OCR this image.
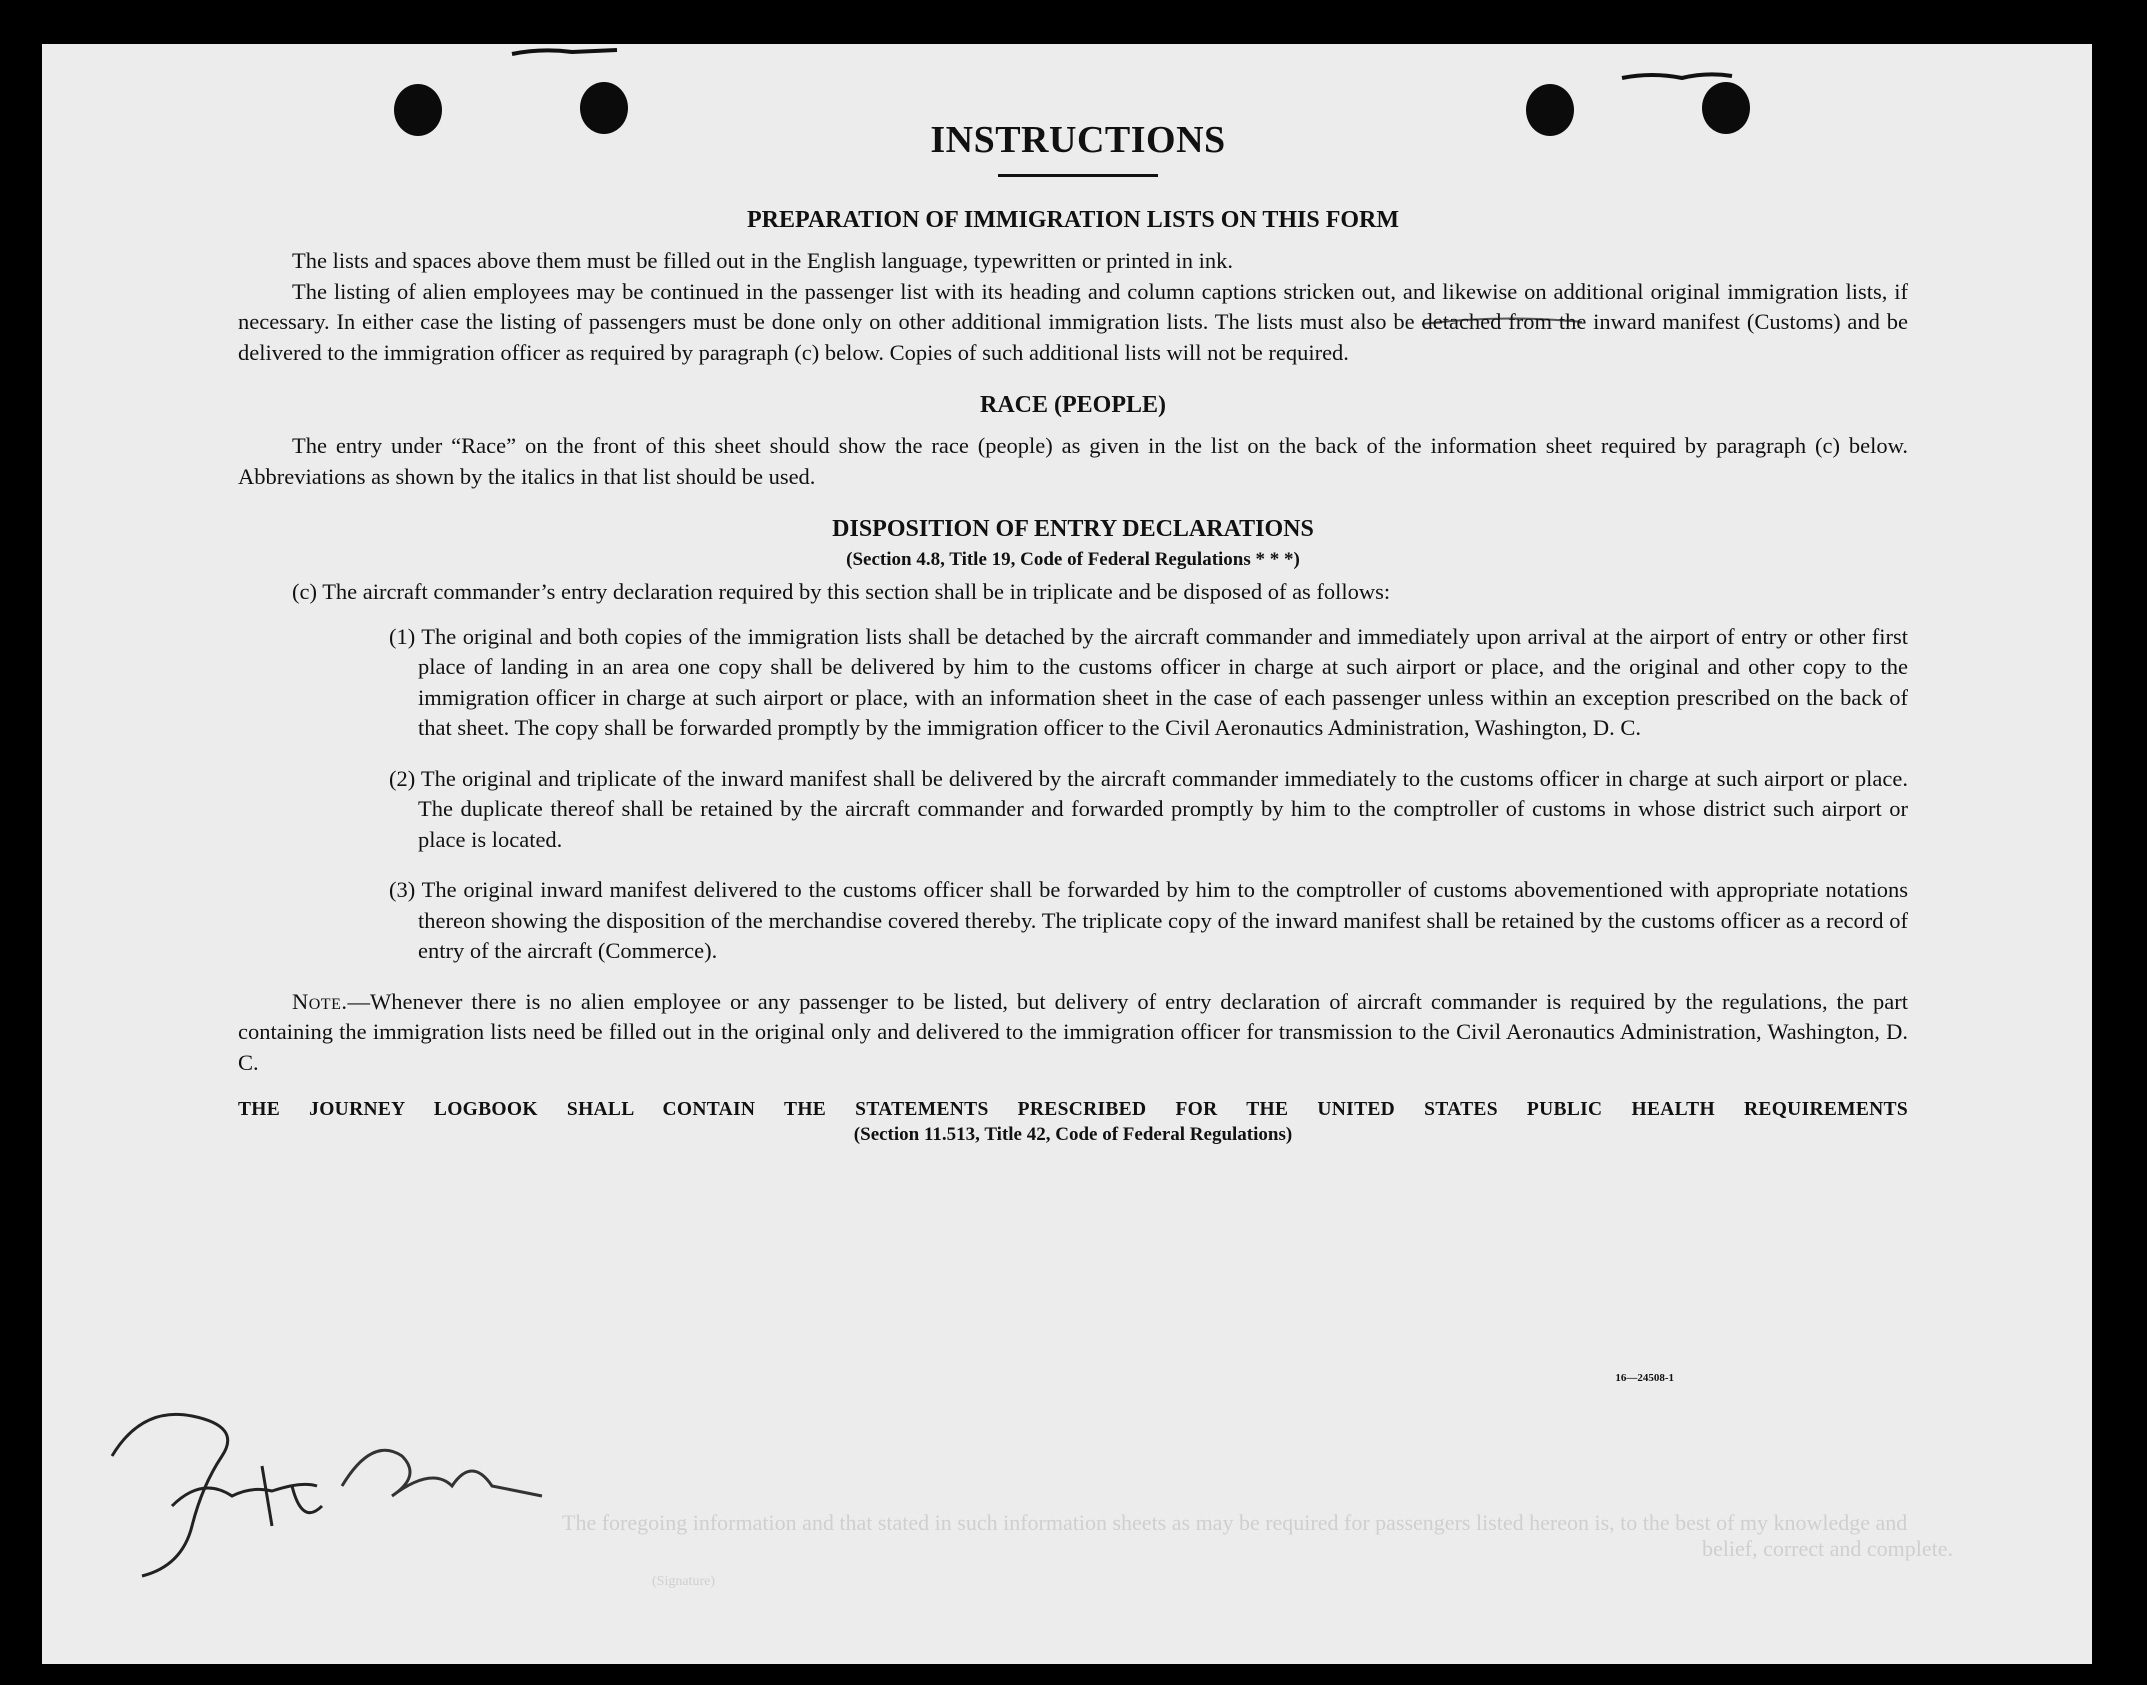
The foregoing information and that stated in such information sheets as may be required for passengers listed hereon is, to the best of my knowledge and
belief, correct and complete.
(Signature)
INSTRUCTIONS
PREPARATION OF IMMIGRATION LISTS ON THIS FORM

The lists and spaces above them must be filled out in the English language, typewritten or printed in ink.

The listing of alien employees may be continued in the passenger list with its heading and column captions stricken out, and likewise on additional original immigration lists, if necessary. In either case the listing of passengers must be done only on other additional immigration lists. The lists must also be detached from the inward manifest (Customs) and be delivered to the immigration officer as required by paragraph (c) below. Copies of such additional lists will not be required.

RACE (PEOPLE)

The entry under “Race” on the front of this sheet should show the race (people) as given in the list on the back of the information sheet required by paragraph (c) below. Abbreviations as shown by the italics in that list should be used.

DISPOSITION OF ENTRY DECLARATIONS
(Section 4.8, Title 19, Code of Federal Regulations * * *)

(c) The aircraft commander’s entry declaration required by this section shall be in triplicate and be disposed of as follows:

(1) The original and both copies of the immigration lists shall be detached by the aircraft commander and immediately upon arrival at the airport of entry or other first place of landing in an area one copy shall be delivered by him to the customs officer in charge at such airport or place, and the original and other copy to the immigration officer in charge at such airport or place, with an information sheet in the case of each passenger unless within an exception prescribed on the back of that sheet. The copy shall be forwarded promptly by the immigration officer to the Civil Aeronautics Administration, Washington, D. C.

(2) The original and triplicate of the inward manifest shall be delivered by the aircraft commander immediately to the customs officer in charge at such airport or place. The duplicate thereof shall be retained by the aircraft commander and forwarded promptly by him to the comptroller of customs in whose district such airport or place is located.

(3) The original inward manifest delivered to the customs officer shall be forwarded by him to the comptroller of customs abovementioned with appropriate notations thereon showing the disposition of the merchandise covered thereby. The triplicate copy of the inward manifest shall be retained by the customs officer as a record of entry of the aircraft (Commerce).

Note.—Whenever there is no alien employee or any passenger to be listed, but delivery of entry declaration of aircraft commander is required by the regulations, the part containing the immigration lists need be filled out in the original only and delivered to the immigration officer for transmission to the Civil Aeronautics Administration, Washington, D. C.

THE JOURNEY LOGBOOK SHALL CONTAIN THE STATEMENTS PRESCRIBED FOR THE UNITED STATES PUBLIC HEALTH REQUIREMENTS
(Section 11.513, Title 42, Code of Federal Regulations)
16—24508-1
